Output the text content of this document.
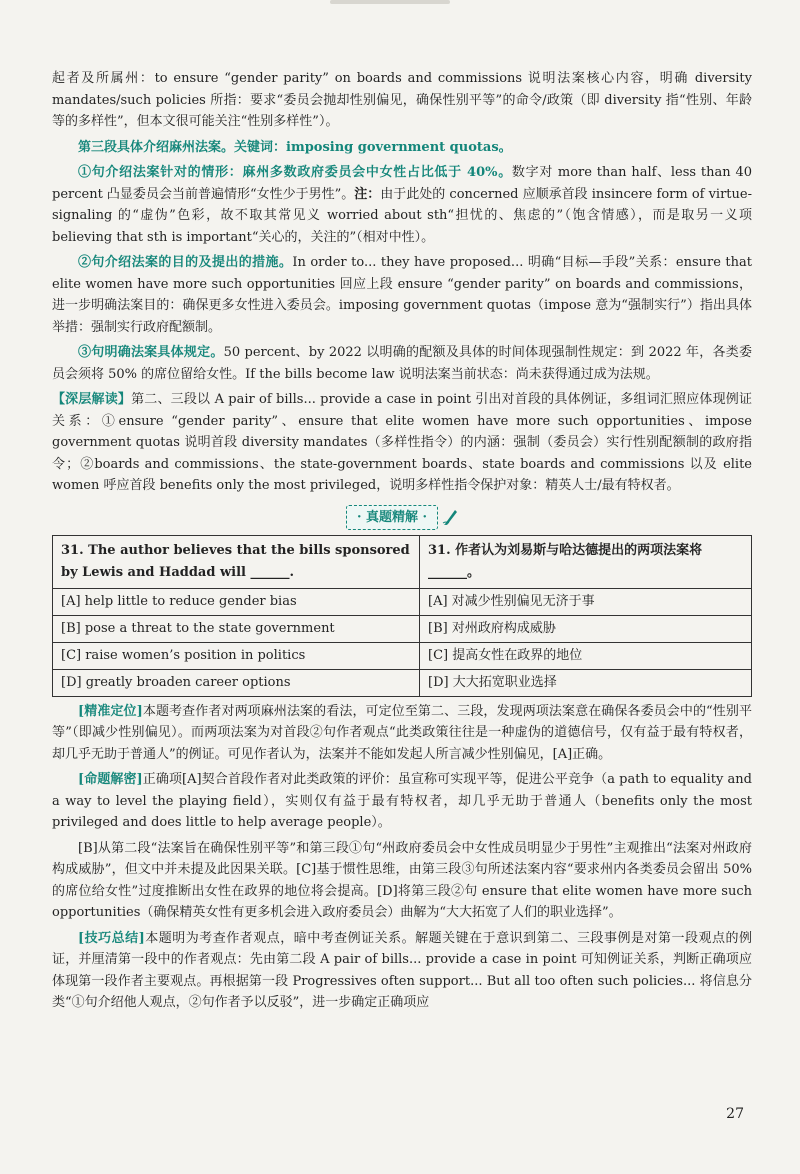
起者及所属州：to ensure “gender parity” on boards and commissions 说明法案核心内容，明确 diversity mandates/such policies 所指：要求“委员会抛却性别偏见，确保性别平等”的命令/政策（即 diversity 指“性别、年龄等的多样性”，但本文很可能关注“性别多样性”）。

第三段具体介绍麻州法案。关键词：imposing government quotas。

①句介绍法案针对的情形：麻州多数政府委员会中女性占比低于 40%。数字对 more than half、less than 40 percent 凸显委员会当前普遍情形“女性少于男性”。注：由于此处的 concerned 应顺承首段 insincere form of virtue-signaling 的“虚伪”色彩，故不取其常见义 worried about sth“担忧的、焦虑的”（饱含情感），而是取另一义项 believing that sth is important“关心的，关注的”（相对中性）。

②句介绍法案的目的及提出的措施。In order to... they have proposed... 明确“目标—手段”关系：ensure that elite women have more such opportunities 回应上段 ensure “gender parity” on boards and commissions，进一步明确法案目的：确保更多女性进入委员会。imposing government quotas（impose 意为“强制实行”）指出具体举措：强制实行政府配额制。

③句明确法案具体规定。50 percent、by 2022 以明确的配额及具体的时间体现强制性规定：到 2022 年，各类委员会须将 50% 的席位留给女性。If the bills become law 说明法案当前状态：尚未获得通过成为法规。

【深层解读】第二、三段以 A pair of bills... provide a case in point 引出对首段的具体例证，多组词汇照应体现例证关系：①ensure “gender parity”、ensure that elite women have more such opportunities、impose government quotas 说明首段 diversity mandates（多样性指令）的内涵：强制（委员会）实行性别配额制的政府指令；②boards and commissions、the state-government boards、state boards and commissions 以及 elite women 呼应首段 benefits only the most privileged，说明多样性指令保护对象：精英人士/最有特权者。

· 真题精解 ·
31. The author believes that the bills sponsored by Lewis and Haddad will ______.	31. 作者认为刘易斯与哈达德提出的两项法案将______。
[A] help little to reduce gender bias	[A] 对减少性别偏见无济于事
[B] pose a threat to the state government	[B] 对州政府构成威胁
[C] raise women’s position in politics	[C] 提高女性在政界的地位
[D] greatly broaden career options	[D] 大大拓宽职业选择

[精准定位]本题考查作者对两项麻州法案的看法，可定位至第二、三段，发现两项法案意在确保各委员会中的“性别平等”（即减少性别偏见）。而两项法案为对首段②句作者观点“此类政策往往是一种虚伪的道德信号，仅有益于最有特权者，却几乎无助于普通人”的例证。可见作者认为，法案并不能如发起人所言减少性别偏见，[A]正确。

[命题解密]正确项[A]契合首段作者对此类政策的评价：虽宣称可实现平等，促进公平竞争（a path to equality and a way to level the playing field），实则仅有益于最有特权者，却几乎无助于普通人（benefits only the most privileged and does little to help average people）。

[B]从第二段“法案旨在确保性别平等”和第三段①句“州政府委员会中女性成员明显少于男性”主观推出“法案对州政府构成威胁”，但文中并未提及此因果关联。[C]基于惯性思维，由第三段③句所述法案内容“要求州内各类委员会留出 50% 的席位给女性”过度推断出女性在政界的地位将会提高。[D]将第三段②句 ensure that elite women have more such opportunities（确保精英女性有更多机会进入政府委员会）曲解为“大大拓宽了人们的职业选择”。

[技巧总结]本题明为考查作者观点，暗中考查例证关系。解题关键在于意识到第二、三段事例是对第一段观点的例证，并厘清第一段中的作者观点：先由第二段 A pair of bills... provide a case in point 可知例证关系，判断正确项应体现第一段作者主要观点。再根据第一段 Progressives often support... But all too often such policies... 将信息分类“①句介绍他人观点，②句作者予以反驳”，进一步确定正确项应

27
